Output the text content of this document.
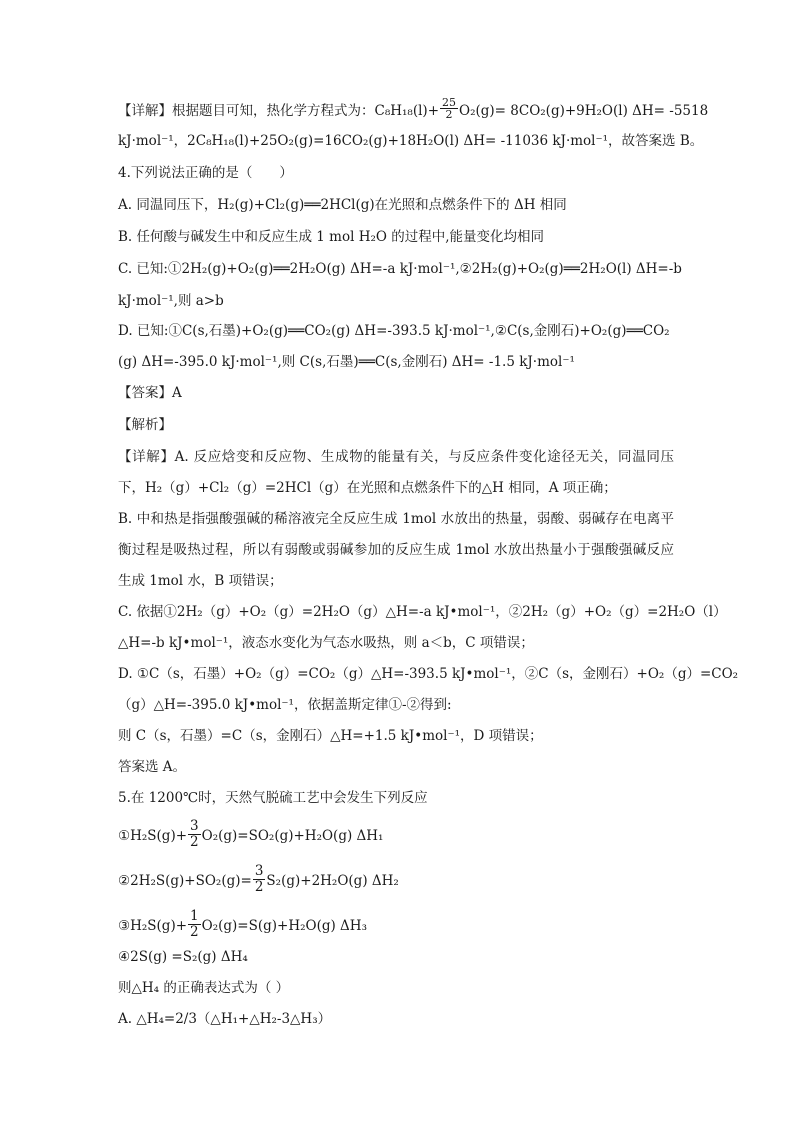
【详解】根据题目可知，热化学方程式为：$C_8H_{18}(l)+ \frac{25}{2} O_2(g)= 8CO_2(g)+9H_2O(l)$ ΔH= -5518
kJ·mol⁻¹，2C₈H₁₈(l)+25O₂(g)=16CO₂(g)+18H₂O(l) ΔH= -11036 kJ·mol⁻¹，故答案选 B。
4.下列说法正确的是（　　）
A. 同温同压下，H₂(g)+Cl₂(g)══2HCl(g)在光照和点燃条件下的 ΔH 相同
B. 任何酸与碱发生中和反应生成 1 mol H₂O 的过程中,能量变化均相同
C. 已知:①2H₂(g)+O₂(g)══2H₂O(g) ΔH=-a kJ·mol⁻¹,②2H₂(g)+O₂(g)══2H₂O(l) ΔH=-b
kJ·mol⁻¹,则 a>b
D. 已知:①C(s,石墨)+O₂(g)══CO₂(g) ΔH=-393.5 kJ·mol⁻¹,②C(s,金刚石)+O₂(g)══CO₂
(g) ΔH=-395.0 kJ·mol⁻¹,则 C(s,石墨)══C(s,金刚石) ΔH= -1.5 kJ·mol⁻¹
【答案】A
【解析】
【详解】A. 反应焓变和反应物、生成物的能量有关，与反应条件变化途径无关，同温同压
下，H₂（g）+Cl₂（g）=2HCl（g）在光照和点燃条件下的△H 相同，A 项正确；
B. 中和热是指强酸强碱的稀溶液完全反应生成 1mol 水放出的热量，弱酸、弱碱存在电离平
衡过程是吸热过程，所以有弱酸或弱碱参加的反应生成 1mol 水放出热量小于强酸强碱反应
生成 1mol 水，B 项错误；
C. 依据①2H₂（g）+O₂（g）=2H₂O（g）△H=-a kJ•mol⁻¹，②2H₂（g）+O₂（g）=2H₂O（l）
△H=-b kJ•mol⁻¹，液态水变化为气态水吸热，则 a＜b，C 项错误；
D. ①C（s，石墨）+O₂（g）=CO₂（g）△H=-393.5 kJ•mol⁻¹，②C（s，金刚石）+O₂（g）=CO₂
（g）△H=-395.0 kJ•mol⁻¹，依据盖斯定律①-②得到:
则 C（s，石墨）=C（s，金刚石）△H=+1.5 kJ•mol⁻¹，D 项错误；
答案选 A。
5.在 1200℃时，天然气脱硫工艺中会发生下列反应
①H₂S(g)+ $\frac{3}{2} O_2(g)=SO_2(g)+H_2O(g)$ ΔH₁
②2H₂S(g)+SO₂(g)= $\frac{3}{2} S_2(g)+2H_2O(g)$ ΔH₂
③H₂S(g)+ $\frac{1}{2} O_2(g)=S(g)+H_2O(g)$ ΔH₃
④2S(g) =S₂(g) ΔH₄
则△H₄ 的正确表达式为（ ）
A. △H₄=2/3（△H₁+△H₂-3△H₃）
